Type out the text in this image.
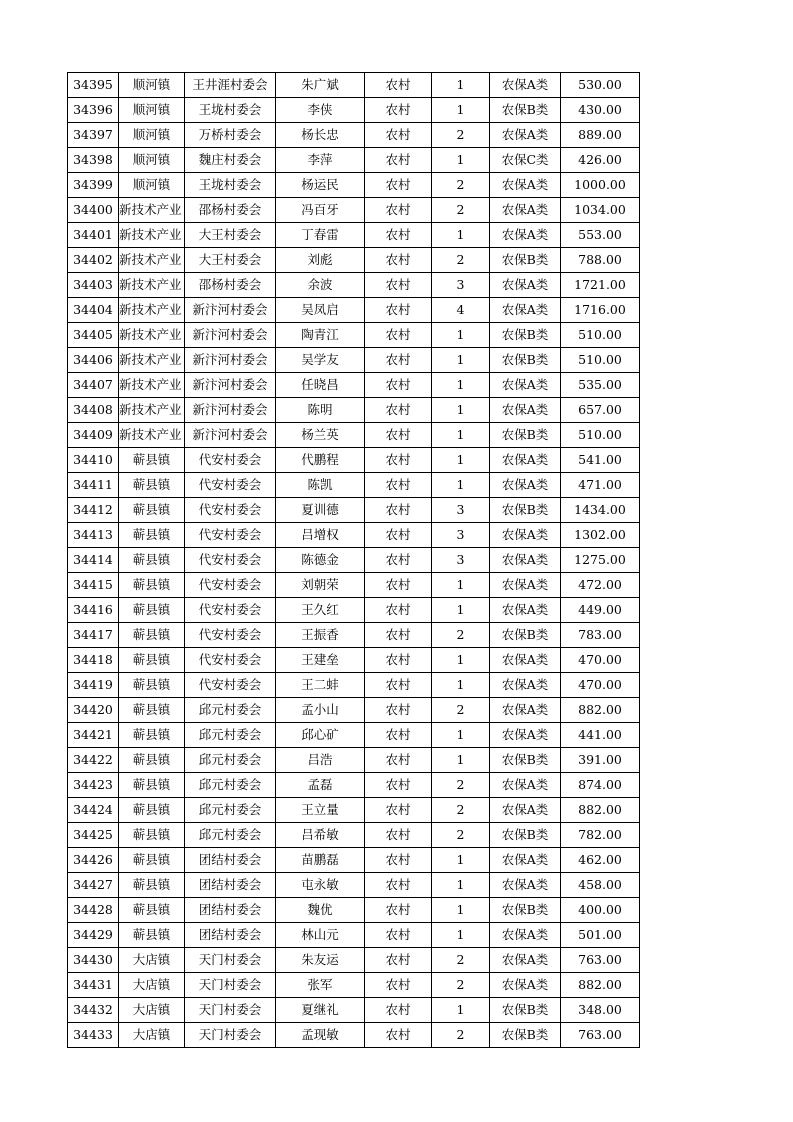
34395	顺河镇	王井涯村委会	朱广斌	农村	1	农保A类	530.00
34396	顺河镇	王垅村委会	李侠	农村	1	农保B类	430.00
34397	顺河镇	万桥村委会	杨长忠	农村	2	农保A类	889.00
34398	顺河镇	魏庄村委会	李萍	农村	1	农保C类	426.00
34399	顺河镇	王垅村委会	杨运民	农村	2	农保A类	1000.00
34400	新技术产业	邵杨村委会	冯百牙	农村	2	农保A类	1034.00
34401	新技术产业	大王村委会	丁春雷	农村	1	农保A类	553.00
34402	新技术产业	大王村委会	刘彪	农村	2	农保B类	788.00
34403	新技术产业	邵杨村委会	余波	农村	3	农保A类	1721.00
34404	新技术产业	新汴河村委会	吴凤启	农村	4	农保A类	1716.00
34405	新技术产业	新汴河村委会	陶青江	农村	1	农保B类	510.00
34406	新技术产业	新汴河村委会	吴学友	农村	1	农保B类	510.00
34407	新技术产业	新汴河村委会	任晓昌	农村	1	农保A类	535.00
34408	新技术产业	新汴河村委会	陈明	农村	1	农保A类	657.00
34409	新技术产业	新汴河村委会	杨兰英	农村	1	农保B类	510.00
34410	蕲县镇	代安村委会	代鹏程	农村	1	农保A类	541.00
34411	蕲县镇	代安村委会	陈凯	农村	1	农保A类	471.00
34412	蕲县镇	代安村委会	夏训德	农村	3	农保B类	1434.00
34413	蕲县镇	代安村委会	吕增权	农村	3	农保A类	1302.00
34414	蕲县镇	代安村委会	陈德金	农村	3	农保A类	1275.00
34415	蕲县镇	代安村委会	刘朝荣	农村	1	农保A类	472.00
34416	蕲县镇	代安村委会	王久红	农村	1	农保A类	449.00
34417	蕲县镇	代安村委会	王振香	农村	2	农保B类	783.00
34418	蕲县镇	代安村委会	王建垒	农村	1	农保A类	470.00
34419	蕲县镇	代安村委会	王二蚌	农村	1	农保A类	470.00
34420	蕲县镇	邱元村委会	孟小山	农村	2	农保A类	882.00
34421	蕲县镇	邱元村委会	邱心矿	农村	1	农保A类	441.00
34422	蕲县镇	邱元村委会	吕浩	农村	1	农保B类	391.00
34423	蕲县镇	邱元村委会	孟磊	农村	2	农保A类	874.00
34424	蕲县镇	邱元村委会	王立量	农村	2	农保A类	882.00
34425	蕲县镇	邱元村委会	吕希敏	农村	2	农保B类	782.00
34426	蕲县镇	团结村委会	苗鹏磊	农村	1	农保A类	462.00
34427	蕲县镇	团结村委会	屯永敏	农村	1	农保A类	458.00
34428	蕲县镇	团结村委会	魏优	农村	1	农保B类	400.00
34429	蕲县镇	团结村委会	林山元	农村	1	农保A类	501.00
34430	大店镇	天门村委会	朱友运	农村	2	农保A类	763.00
34431	大店镇	天门村委会	张军	农村	2	农保A类	882.00
34432	大店镇	天门村委会	夏继礼	农村	1	农保B类	348.00
34433	大店镇	天门村委会	孟现敏	农村	2	农保B类	763.00
